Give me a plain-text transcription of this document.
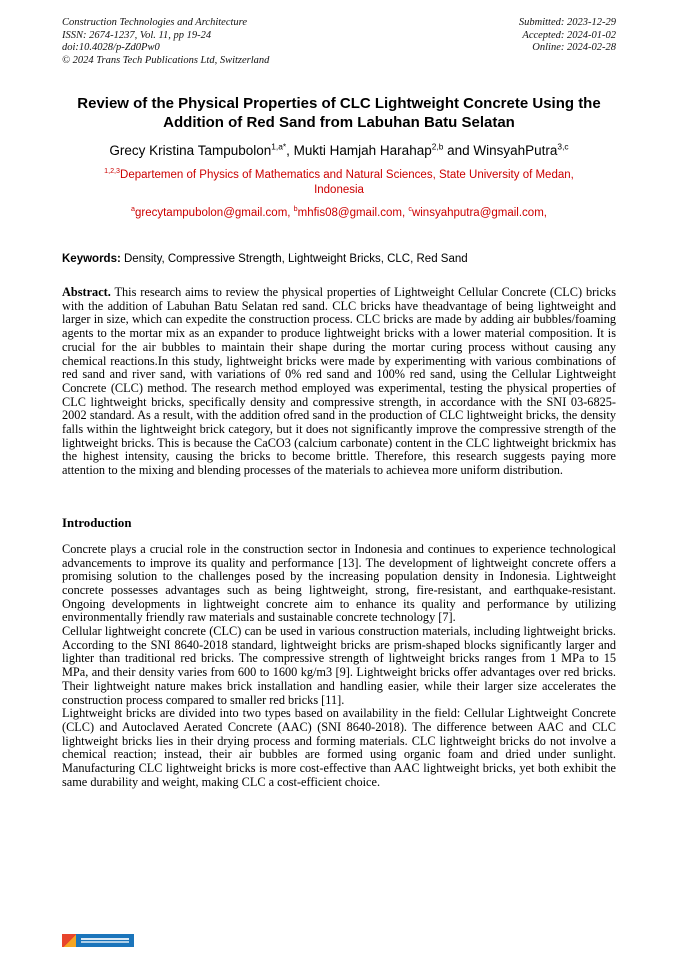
Construction Technologies and Architecture
ISSN: 2674-1237, Vol. 11, pp 19-24
doi:10.4028/p-Zd0Pw0
© 2024 Trans Tech Publications Ltd, Switzerland
Submitted: 2023-12-29
Accepted: 2024-01-02
Online: 2024-02-28
Review of the Physical Properties of CLC Lightweight Concrete Using the Addition of Red Sand from Labuhan Batu Selatan
Grecy Kristina Tampubolon$^{1,a*}$, Mukti Hamjah Harahap$^{2,b}$ and WinsyahPutra$^{3,c}$
$^{1,2,3}$Departemen of Physics of Mathematics and Natural Sciences, State University of Medan, Indonesia
$^a$grecytampubolon@gmail.com, $^b$mhfis08@gmail.com, $^c$winsyahputra@gmail.com,
Keywords: Density, Compressive Strength, Lightweight Bricks, CLC, Red Sand

Abstract. This research aims to review the physical properties of Lightweight Cellular Concrete (CLC) bricks with the addition of Labuhan Batu Selatan red sand. CLC bricks have theadvantage of being lightweight and larger in size, which can expedite the construction process. CLC bricks are made by adding air bubbles/foaming agents to the mortar mix as an expander to produce lightweight bricks with a lower material composition. It is crucial for the air bubbles to maintain their shape during the mortar curing process without causing any chemical reactions.In this study, lightweight bricks were made by experimenting with various combinations of red sand and river sand, with variations of 0% red sand and 100% red sand, using the Cellular Lightweight Concrete (CLC) method. The research method employed was experimental, testing the physical properties of CLC lightweight bricks, specifically density and compressive strength, in accordance with the SNI 03-6825-2002 standard. As a result, with the addition ofred sand in the production of CLC lightweight bricks, the density falls within the lightweight brick category, but it does not significantly improve the compressive strength of the lightweight bricks. This is because the CaCO3 (calcium carbonate) content in the CLC lightweight brickmix has the highest intensity, causing the bricks to become brittle. Therefore, this research suggests paying more attention to the mixing and blending processes of the materials to achievea more uniform distribution.

Introduction

Concrete plays a crucial role in the construction sector in Indonesia and continues to experience technological advancements to improve its quality and performance [13]. The development of lightweight concrete offers a promising solution to the challenges posed by the increasing population density in Indonesia. Lightweight concrete possesses advantages such as being lightweight, strong, fire-resistant, and earthquake-resistant. Ongoing developments in lightweight concrete aim to enhance its quality and performance by utilizing environmentally friendly raw materials and sustainable concrete technology [7].

Cellular lightweight concrete (CLC) can be used in various construction materials, including lightweight bricks. According to the SNI 8640-2018 standard, lightweight bricks are prism-shaped blocks significantly larger and lighter than traditional red bricks. The compressive strength of lightweight bricks ranges from 1 MPa to 15 MPa, and their density varies from 600 to 1600 kg/m3 [9]. Lightweight bricks offer advantages over red bricks. Their lightweight nature makes brick installation and handling easier, while their larger size accelerates the construction process compared to smaller red bricks [11].

Lightweight bricks are divided into two types based on availability in the field: Cellular Lightweight Concrete (CLC) and Autoclaved Aerated Concrete (AAC) (SNI 8640-2018). The difference between AAC and CLC lightweight bricks lies in their drying process and forming materials. CLC lightweight bricks do not involve a chemical reaction; instead, their air bubbles are formed using organic foam and dried under sunlight. Manufacturing CLC lightweight bricks is more cost-effective than AAC lightweight bricks, yet both exhibit the same durability and weight, making CLC a cost-efficient choice.
